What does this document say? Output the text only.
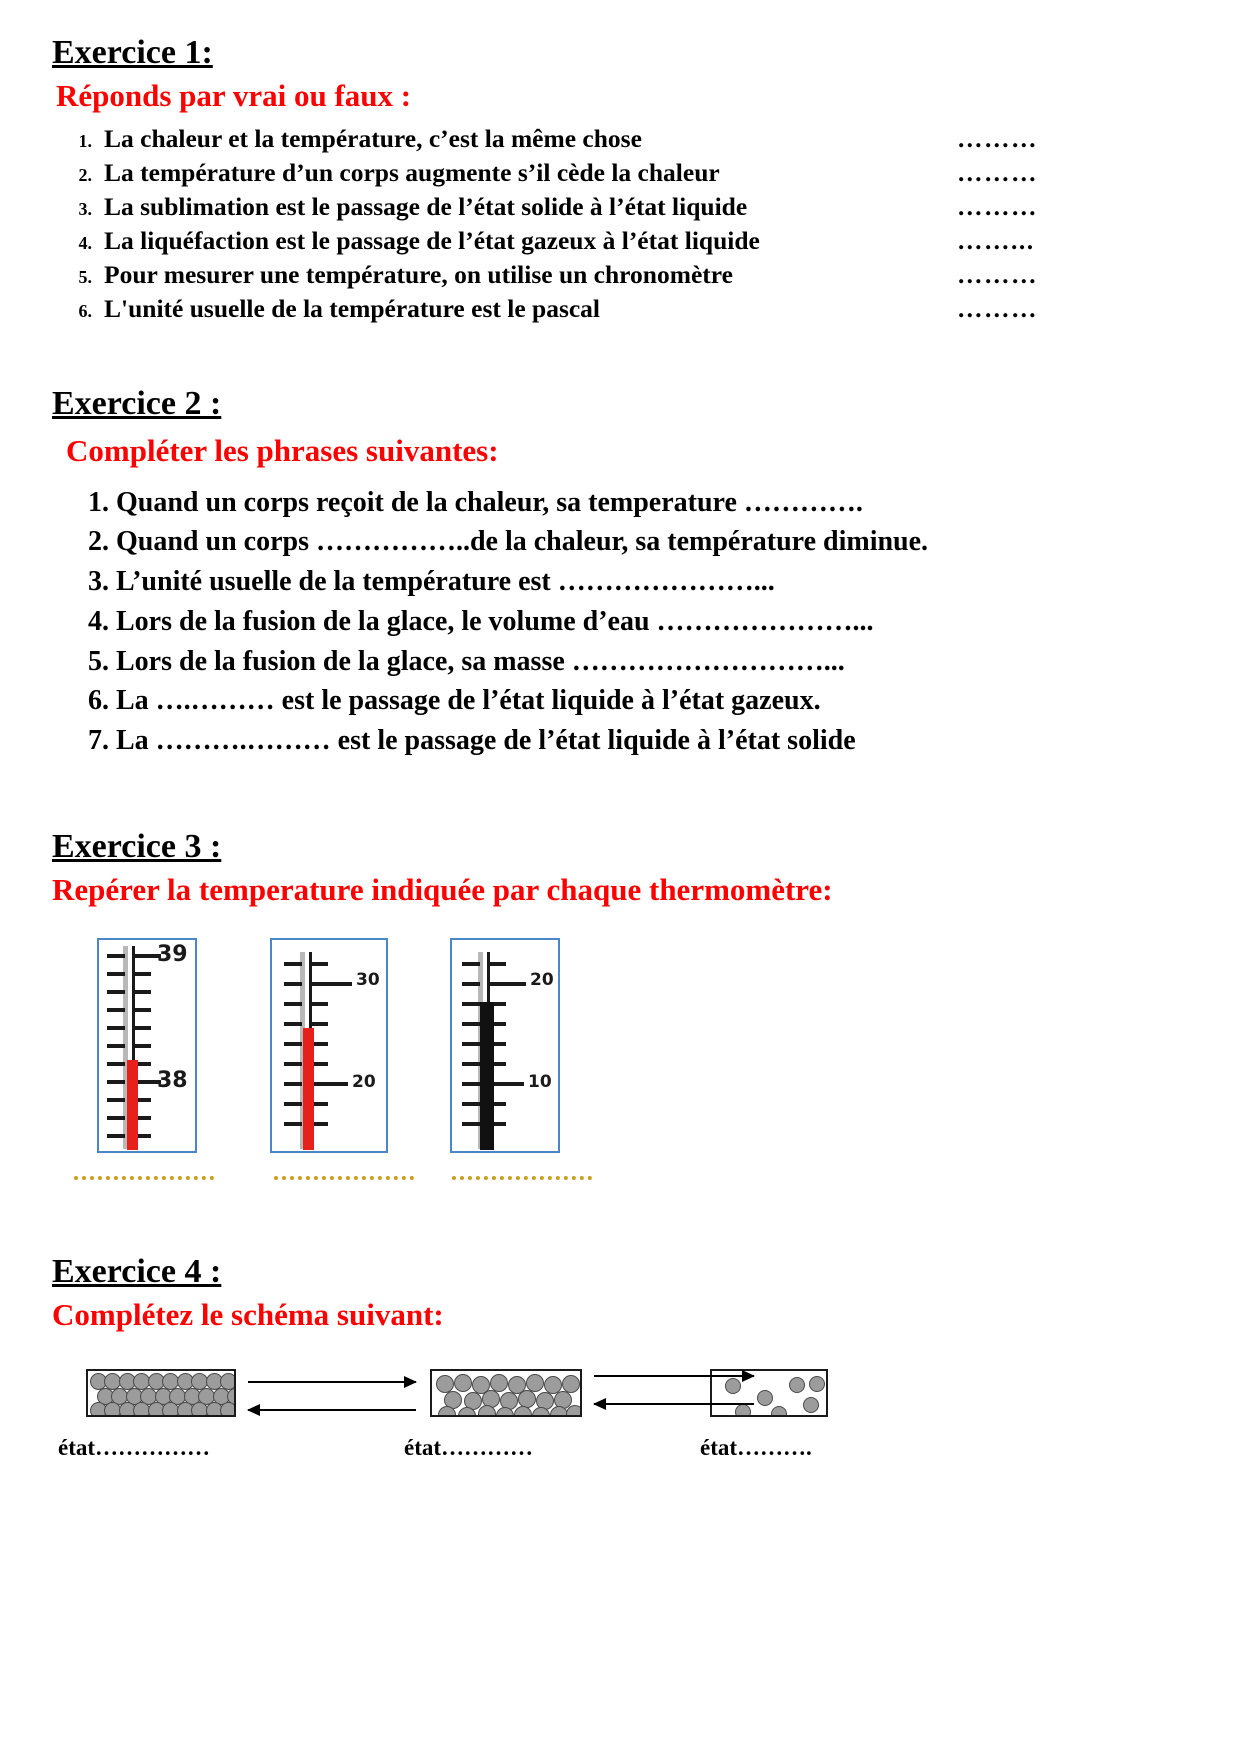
Exercice 1:

Réponds par vrai ou faux :

1. La chaleur et la température, c’est la même chose	………
2. La température d’un corps augmente s’il cède la chaleur	………
3. La sublimation est le passage de l’état solide à l’état liquide	………
4. La liquéfaction est le passage de l’état gazeux à l’état liquide	……...
5. Pour mesurer une température, on utilise un chronomètre	………
6. L'unité usuelle de la température est le pascal	………
Exercice 2 :

Compléter les phrases suivantes:

1. Quand un corps reçoit de la chaleur, sa temperature ………….
2. Quand un corps ……………..de la chaleur, sa température diminue.
3. L’unité usuelle de la température est …………………...
4. Lors de la fusion de la glace, le volume d’eau …………………...
5. Lors de la fusion de la glace, sa masse ………………………...
6. La ….……… est le passage de l’état liquide à l’état gazeux.
7. La ……….……… est le passage de l’état liquide à l’état solide
Exercice 3 :

Repérer la temperature indiquée par chaque thermomètre:

39
38
30
20
20
10
Exercice 4 :

Complétez le schéma suivant:

état……………	état…………	état……….
